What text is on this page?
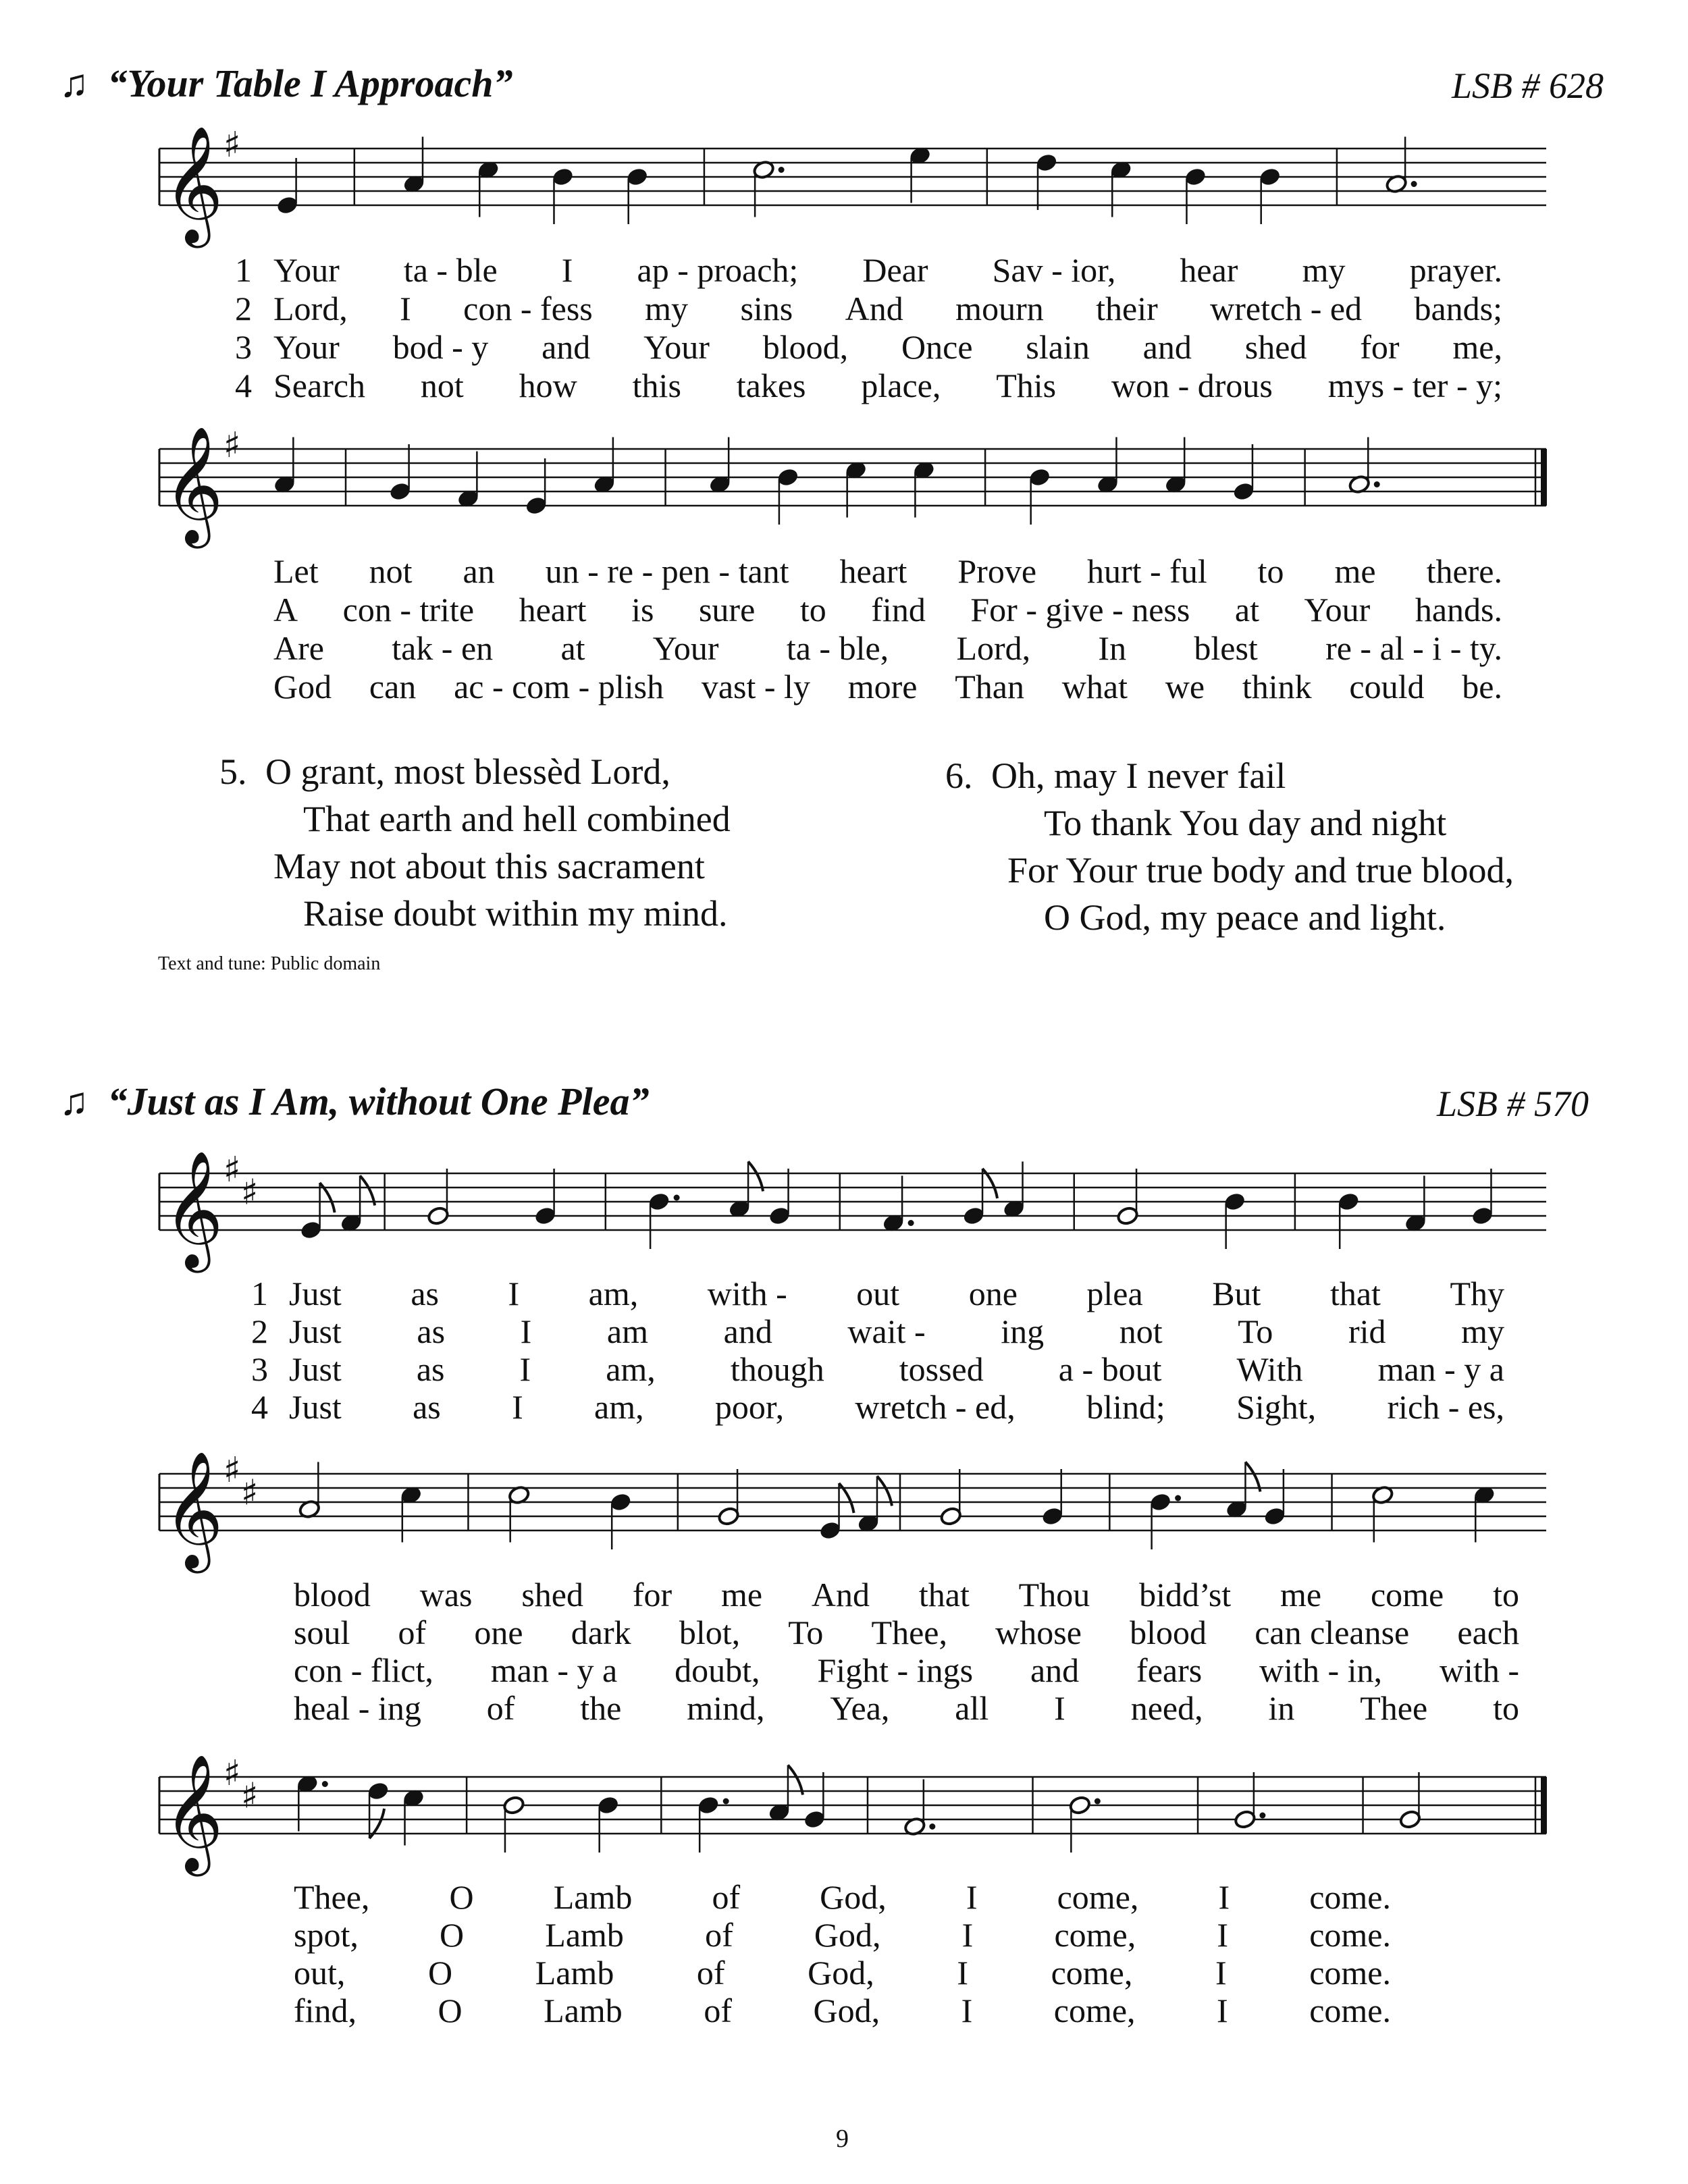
♫ “Your Table I Approach”	LSB # 628
𝄞 ♯
1 Your ta - ble I ap - proach; Dear Sav - ior, hear my prayer.
2 Lord, I con - fess my sins And mourn their wretch - ed bands;
3 Your bod - y and Your blood, Once slain and shed for me,
4 Search not how this takes place, This won - drous mys - ter - y;
𝄞 ♯
Let not an un - re - pen - tant heart Prove hurt - ful to me there.
A con - trite heart is sure to find For - give - ness at Your hands.
Are tak - en at Your ta - ble, Lord, In blest re - al - i - ty.
God can ac - com - plish vast - ly more Than what we think could be.
5. O grant, most blessèd Lord,
That earth and hell combined
May not about this sacrament
Raise doubt within my mind.
6. Oh, may I never fail
To thank You day and night
For Your true body and true blood,
O God, my peace and light.
Text and tune: Public domain
♫ “Just as I Am, without One Plea”	LSB # 570
𝄞 ♯
♯
1 Just as I am, with - out one plea But that Thy
2 Just as I am and wait - ing not To rid my
3 Just as I am, though tossed a - bout With man - y a
4 Just as I am, poor, wretch - ed, blind; Sight, rich - es,
𝄞 ♯
♯
blood was shed for me And that Thou bidd’st me come to
soul of one dark blot, To Thee, whose blood can cleanse each
con - flict, man - y a doubt, Fight - ings and fears with - in, with -
heal - ing of the mind, Yea, all I need, in Thee to
𝄞 ♯
♯
Thee, O Lamb of God, I come, I come.
spot, O Lamb of God, I come, I come.
out, O Lamb of God, I come, I come.
find, O Lamb of God, I come, I come.
9
